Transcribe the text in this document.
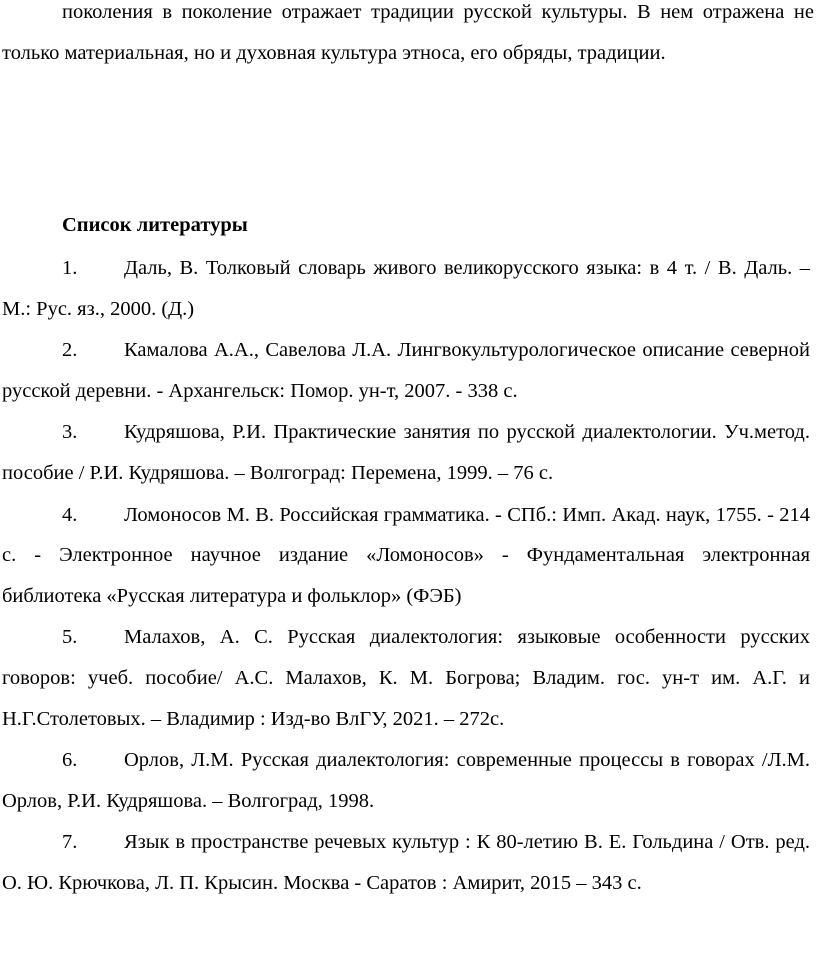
поколения в поколение отражает традиции русской культуры. В нем отражена не только материальная, но и духовная культура этноса, его обряды, традиции.

Список литературы
1. Даль, В. Толковый словарь живого великорусского языка: в 4 т. / В. Даль. – М.: Рус. яз., 2000. (Д.)
2. Камалова А.А., Савелова Л.А. Лингвокультурологическое описание северной русской деревни. - Архангельск: Помор. ун-т, 2007. - 338 с.
3. Кудряшова, Р.И. Практические занятия по русской диалектологии. Уч.метод. пособие / Р.И. Кудряшова. – Волгоград: Перемена, 1999. – 76 с.
4. Ломоносов М. В. Российская грамматика. - СПб.: Имп. Акад. наук, 1755. - 214 с. - Электронное научное издание «Ломоносов» - Фундаментальная электронная библиотека «Русская литература и фольклор» (ФЭБ)
5. Малахов, А. С. Русская диалектология: языковые особенности русских говоров: учеб. пособие/ А.С. Малахов, К. М. Богрова; Владим. гос. ун-т им. А.Г. и Н.Г.Столетовых. – Владимир : Изд-во ВлГУ, 2021. – 272с.
6. Орлов, Л.М. Русская диалектология: современные процессы в говорах /Л.М. Орлов, Р.И. Кудряшова. – Волгоград, 1998.
7. Язык в пространстве речевых культур : К 80-летию В. Е. Гольдина / Отв. ред. О. Ю. Крючкова, Л. П. Крысин. Москва - Саратов : Амирит, 2015 – 343 с.
